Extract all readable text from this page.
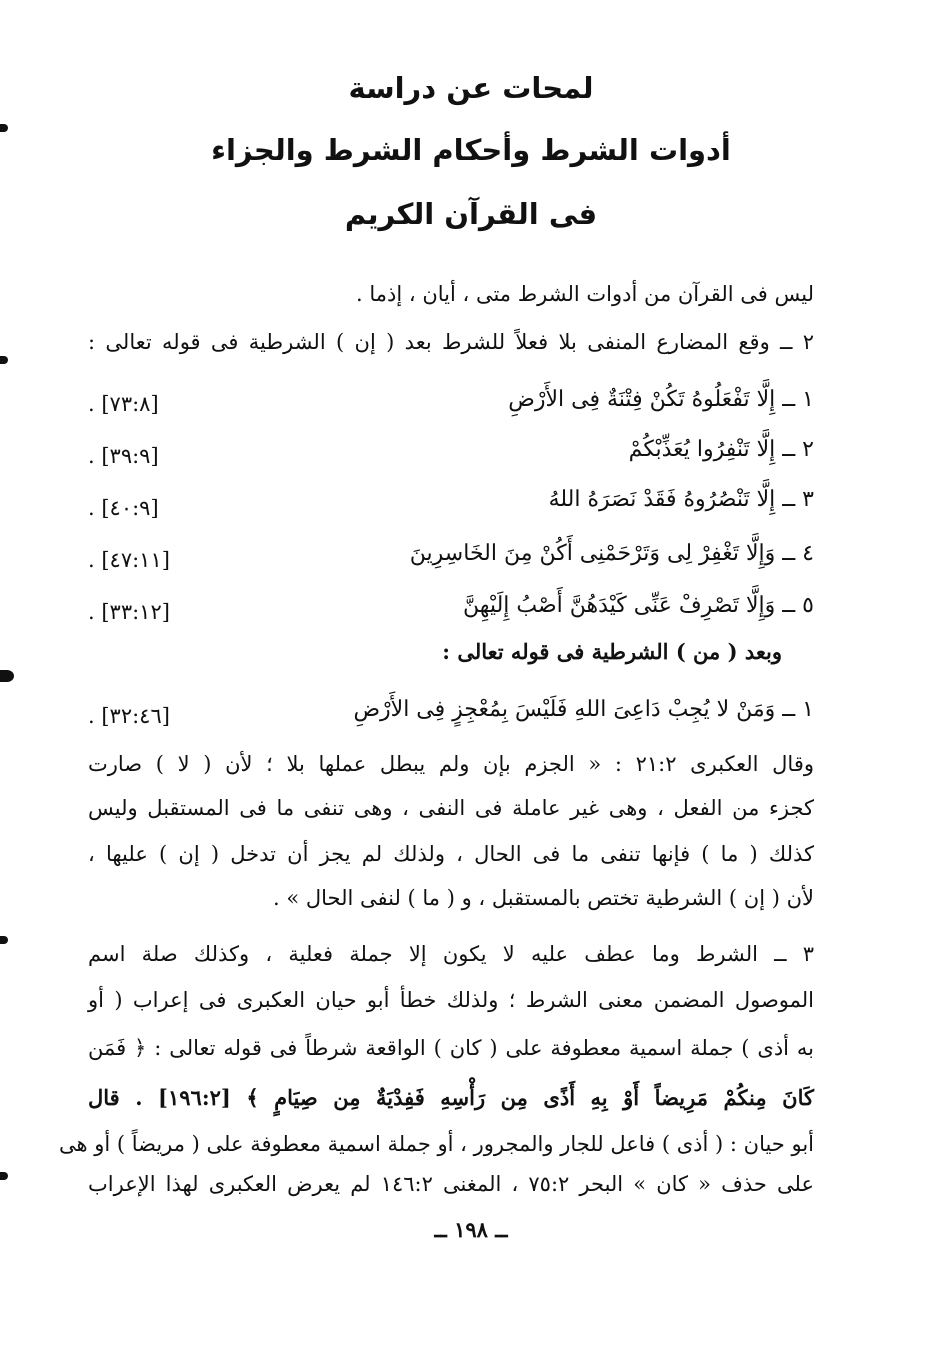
لمحات عن دراسة
أدوات الشرط وأحكام الشرط والجزاء
فى القرآن الكريم
ليس فى القرآن من أدوات الشرط متى ، أيان ، إذما .
٢ ــ وقع المضارع المنفى بلا فعلاً للشرط بعد ( إن ) الشرطية فى قوله تعالى :
١ ــ إِلَّا تَفْعَلُوهُ تَكُنْ فِتْنَةٌ فِى الأَرْضِ
[٧٣:٨] .
٢ ــ إِلَّا تَنْفِرُوا يُعَذِّبْكُمْ
[٣٩:٩] .
٣ ــ إِلَّا تَنْصُرُوهُ فَقَدْ نَصَرَهُ اللهُ
[٤٠:٩] .
٤ ــ وَإِلَّا تَغْفِرْ لِى وَتَرْحَمْنِى أَكُنْ مِنَ الخَاسِرِينَ
[٤٧:١١] .
٥ ــ وَإِلَّا تَصْرِفْ عَنِّى كَيْدَهُنَّ أَصْبُ إِلَيْهِنَّ
[٣٣:١٢] .
وبعد ( من ) الشرطية فى قوله تعالى :
١ ــ وَمَنْ لا يُجِبْ دَاعِىَ اللهِ فَلَيْسَ بِمُعْجِزٍ فِى الأَرْضِ
[٣٢:٤٦] .
وقال العكبرى ٢١:٢ : « الجزم بإن ولم يبطل عملها بلا ؛ لأن ( لا ) صارت
كجزء من الفعل ، وهى غير عاملة فى النفى ، وهى تنفى ما فى المستقبل وليس
كذلك ( ما ) فإنها تنفى ما فى الحال ، ولذلك لم يجز أن تدخل ( إن ) عليها ،
لأن ( إن ) الشرطية تختص بالمستقبل ، و ( ما ) لنفى الحال » .
٣ ــ الشرط وما عطف عليه لا يكون إلا جملة فعلية ، وكذلك صلة اسم
الموصول المضمن معنى الشرط ؛ ولذلك خطأ أبو حيان العكبرى فى إعراب ( أو
به أذى ) جملة اسمية معطوفة على ( كان ) الواقعة شرطاً فى قوله تعالى : ﴿ فَمَن
كَانَ مِنكُمْ مَرِيضاً أَوْ بِهِ أَذًى مِن رَأْسِهِ فَفِدْيَةٌ مِن صِيَامٍ ﴾ [١٩٦:٢] . قال
أبو حيان : ( أذى ) فاعل للجار والمجرور ، أو جملة اسمية معطوفة على ( مريضاً ) أو هى
على حذف « كان » البحر ٧٥:٢ ، المغنى ١٤٦:٢ لم يعرض العكبرى لهذا الإعراب
ــ ١٩٨ ــ
